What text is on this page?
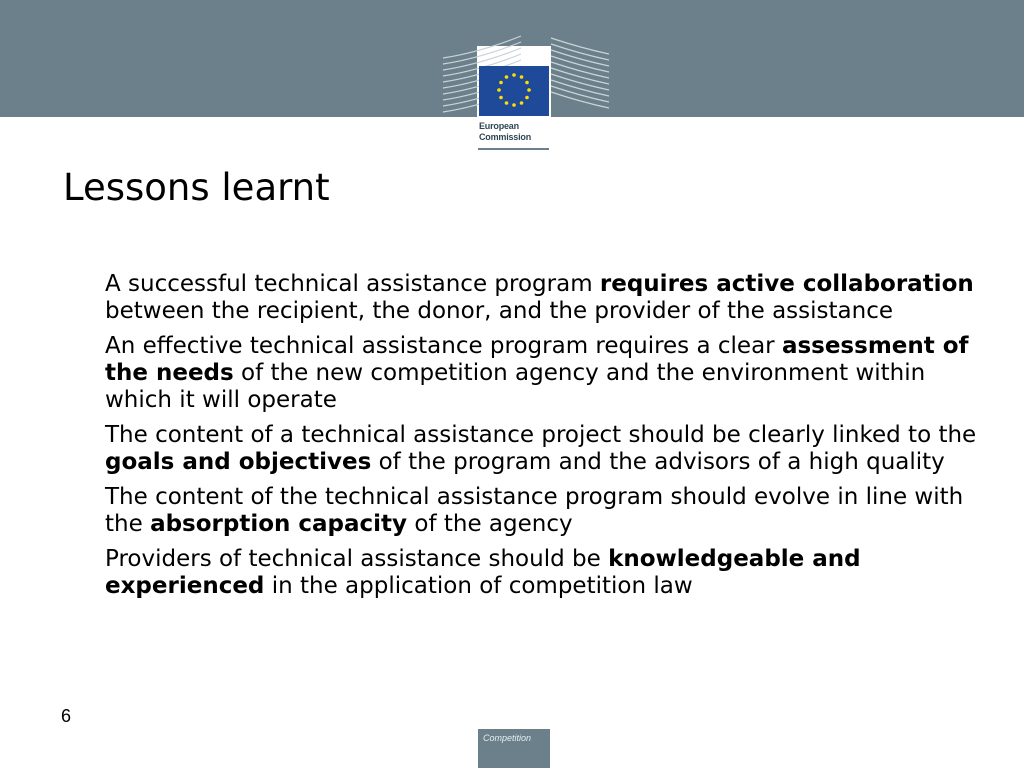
European
Commission
Lessons learnt
A successful technical assistance program requires active collaboration between the recipient, the donor, and the provider of the assistance
An effective technical assistance program requires a clear assessment of the needs of the new competition agency and the environment within which it will operate
The content of a technical assistance project should be clearly linked to the goals and objectives of the program and the advisors of a high quality
The content of the technical assistance program should evolve in line with the absorption capacity of the agency
Providers of technical assistance should be knowledgeable and experienced in the application of competition law
6
Competition
